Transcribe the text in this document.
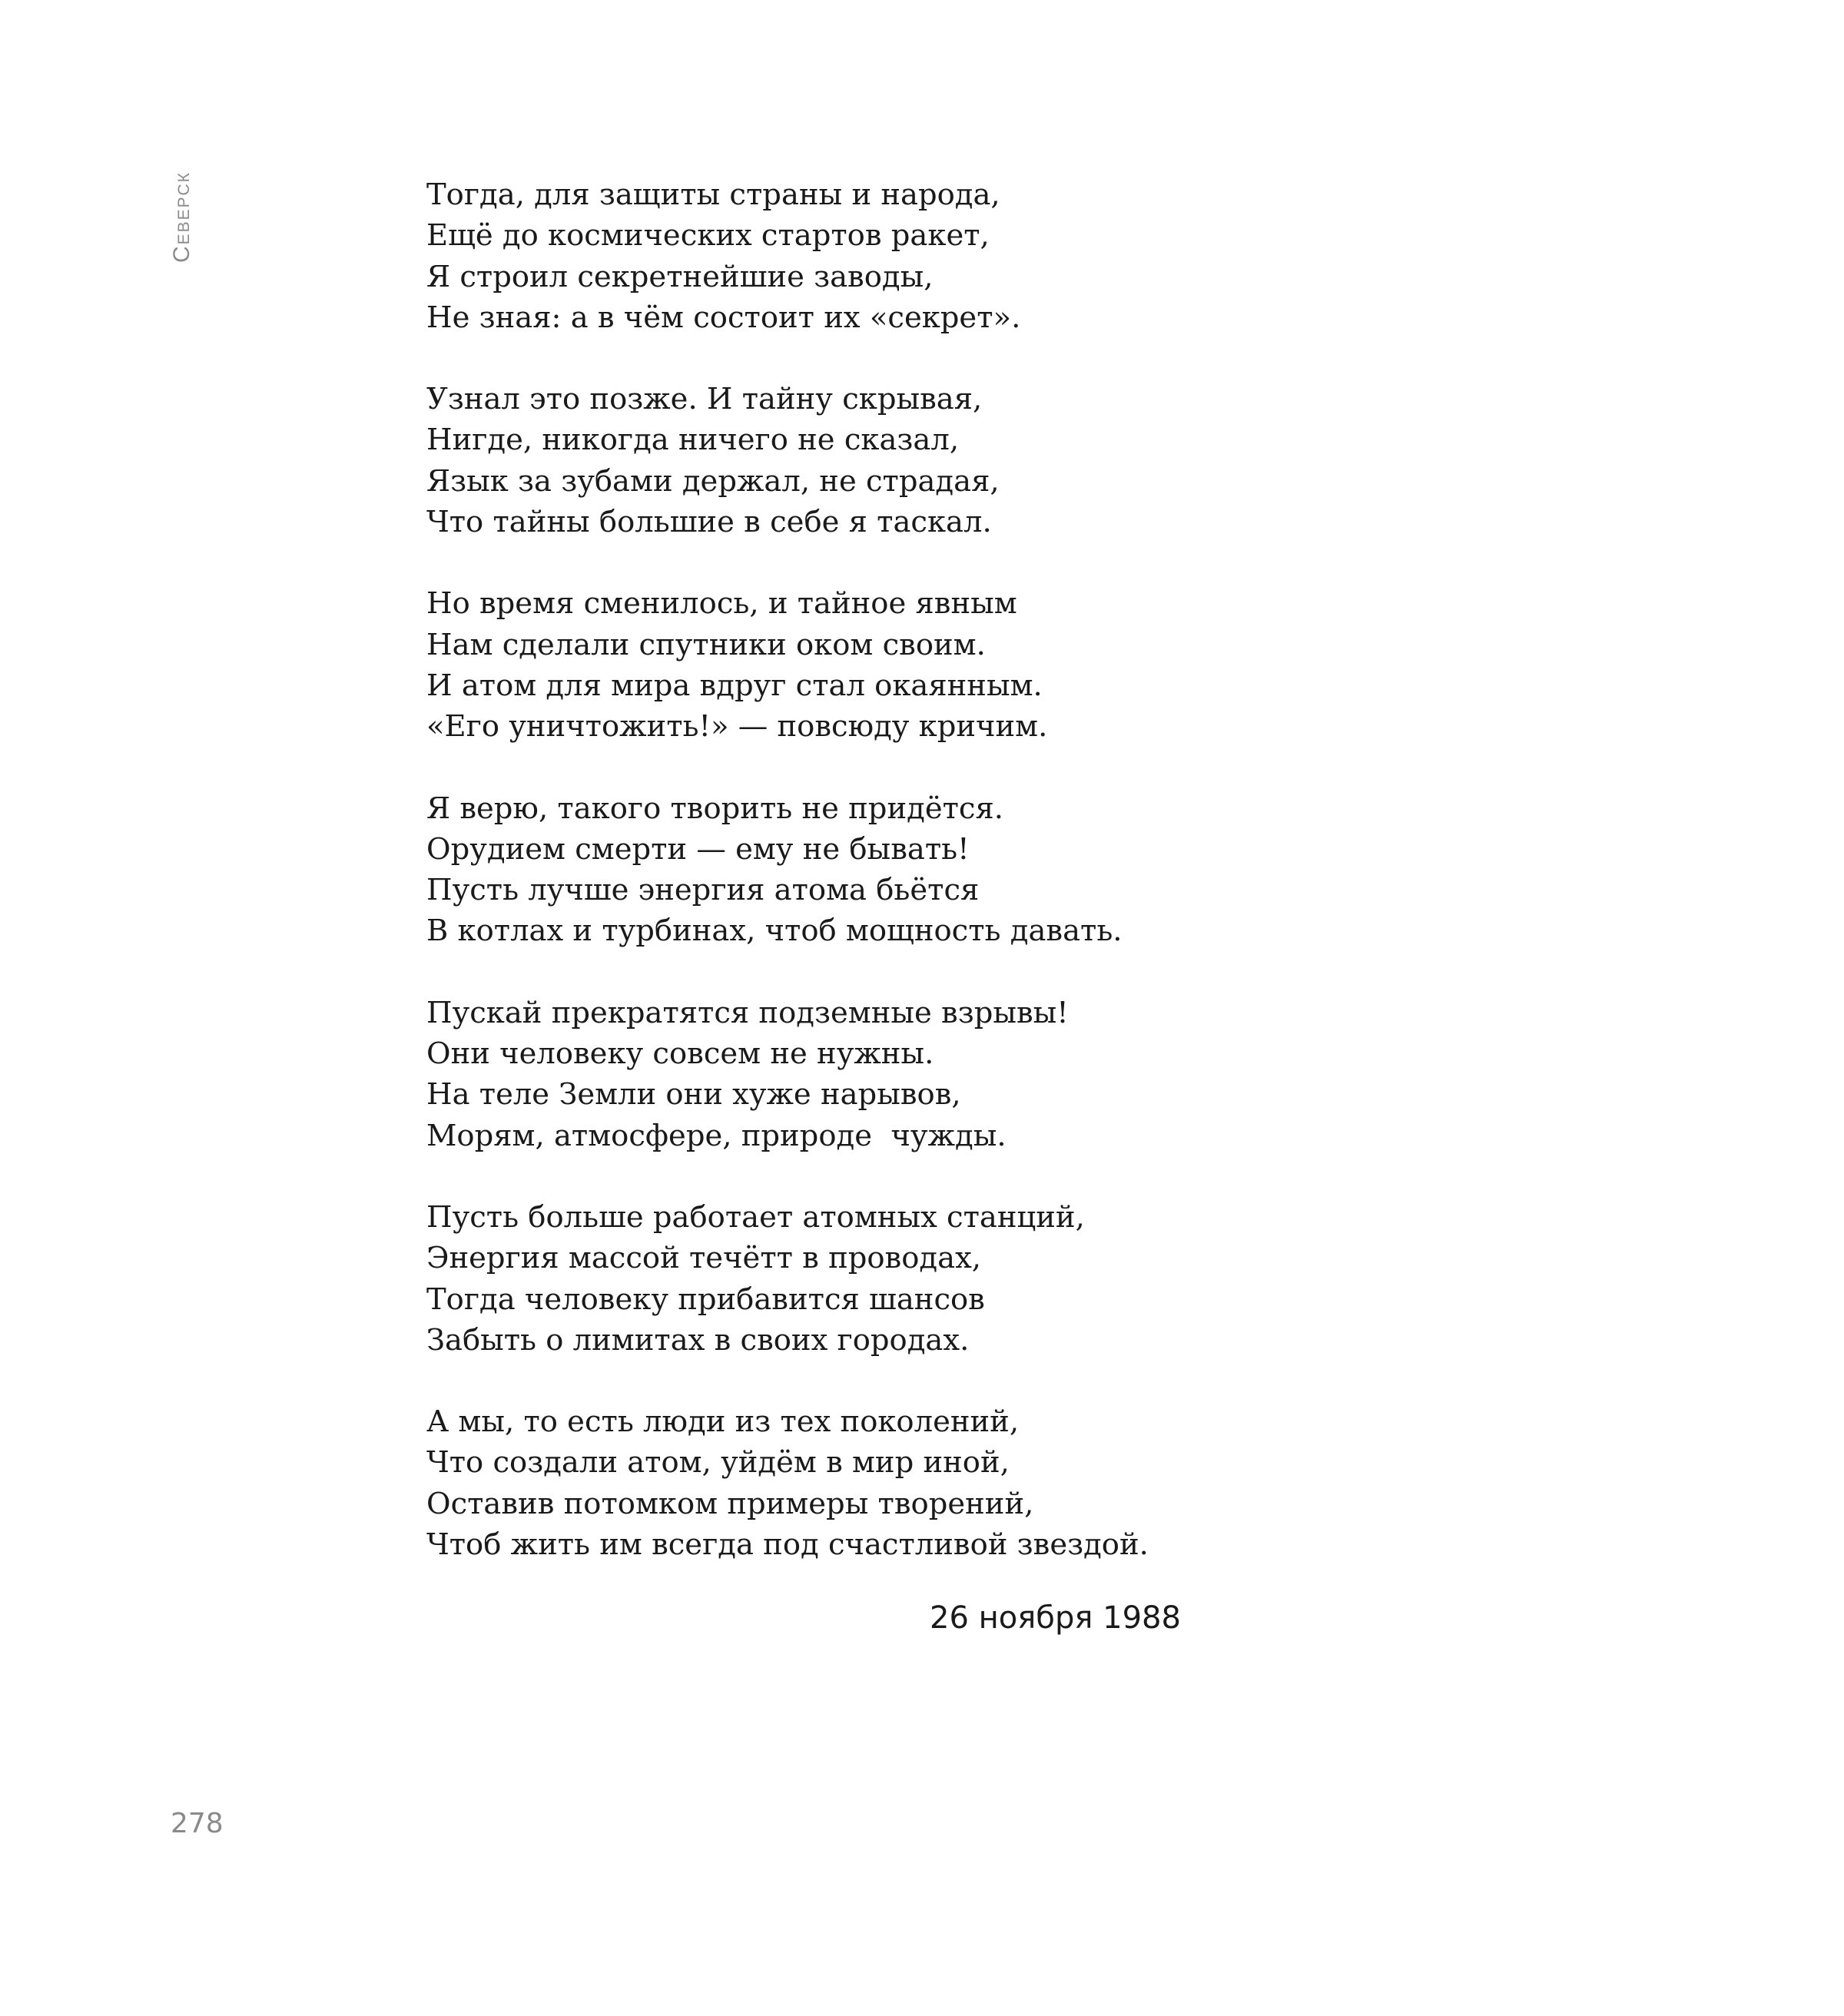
Северск	Тогда, для защиты страны и народа,
Ещё до космических стартов ракет,
Я строил секретнейшие заводы,
Не зная: а в чём состоит их «секрет».
Узнал это позже. И тайну скрывая,
Нигде, никогда ничего не сказал,
Язык за зубами держал, не страдая,
Что тайны большие в себе я таскал.
Но время сменилось, и тайное явным
Нам сделали спутники оком своим.
И атом для мира вдруг стал окаянным.
«Его уничтожить!» — повсюду кричим.
Я верю, такого творить не придётся.
Орудием смерти — ему не бывать!
Пусть лучше энергия атома бьётся
В котлах и турбинах, чтоб мощность давать.
Пускай прекратятся подземные взрывы!
Они человеку совсем не нужны.
На теле Земли они хуже нарывов,
Морям, атмосфере, природе  чужды.
Пусть больше работает атомных станций,
Энергия массой течётт в проводах,
Тогда человеку прибавится шансов
Забыть о лимитах в своих городах.
А мы, то есть люди из тех поколений,
Что создали атом, уйдём в мир иной,
Оставив потомком примеры творений,
Чтоб жить им всегда под счастливой звездой.
26 ноября 1988
278
